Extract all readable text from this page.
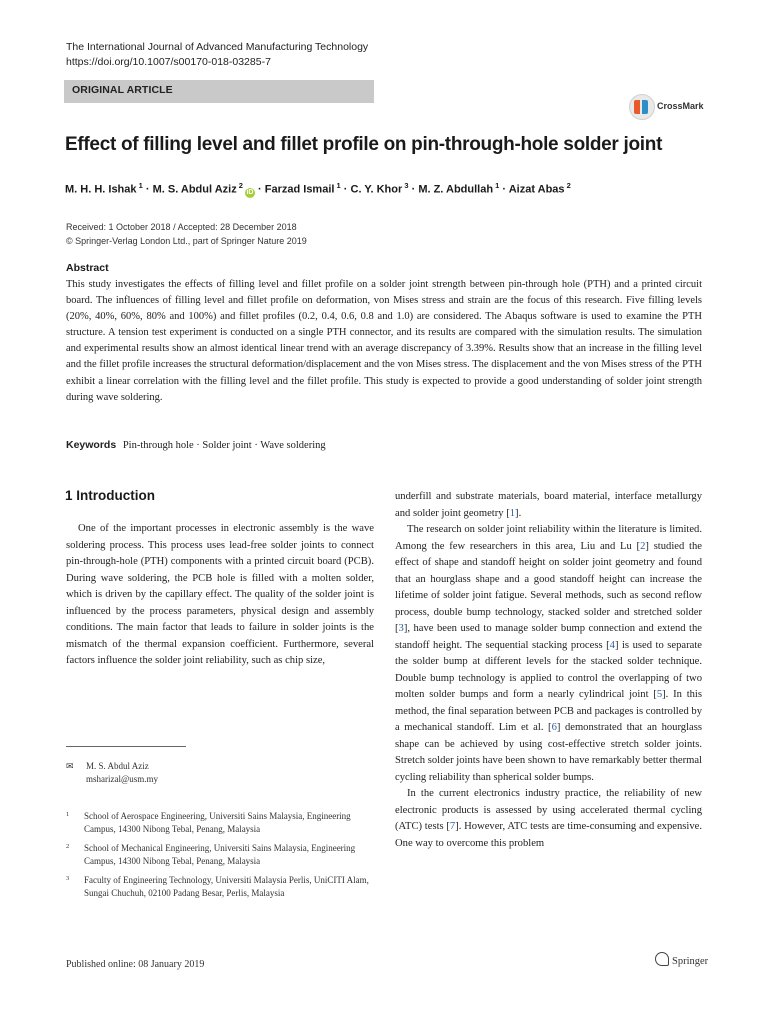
The International Journal of Advanced Manufacturing Technology
https://doi.org/10.1007/s00170-018-03285-7
ORIGINAL ARTICLE
CrossMark
Effect of filling level and fillet profile on pin-through-hole solder joint
M. H. H. Ishak $^1$ · M. S. Abdul Aziz $^2$iD · Farzad Ismail $^1$ · C. Y. Khor $^3$ · M. Z. Abdullah $^1$ · Aizat Abas $^2$
Received: 1 October 2018 / Accepted: 28 December 2018
© Springer-Verlag London Ltd., part of Springer Nature 2019
Abstract
This study investigates the effects of filling level and fillet profile on a solder joint strength between pin-through hole (PTH) and a printed circuit board. The influences of filling level and fillet profile on deformation, von Mises stress and strain are the focus of this research. Five filling levels (20%, 40%, 60%, 80% and 100%) and fillet profiles (0.2, 0.4, 0.6, 0.8 and 1.0) are considered. The Abaqus software is used to examine the PTH structure. A tension test experiment is conducted on a single PTH connector, and its results are compared with the simulation results. The simulation and experimental results show an almost identical linear trend with an average discrepancy of 3.39%. Results show that an increase in the filling level and the fillet profile increases the structural deformation/displacement and the von Mises stress. The displacement and the von Mises stress of the PTH exhibit a linear correlation with the filling level and the fillet profile. This study is expected to provide a good understanding of solder joint strength during wave soldering.
Keywords Pin-through hole · Solder joint · Wave soldering
1 Introduction

One of the important processes in electronic assembly is the wave soldering process. This process uses lead-free solder joints to connect pin-through-hole (PTH) components with a printed circuit board (PCB). During wave soldering, the PCB hole is filled with a molten solder, which is driven by the capillary effect. The quality of the solder joint is influenced by the process parameters, physical design and assembly conditions. The main factor that leads to failure in solder joints is the mismatch of the thermal expansion coefficient. Furthermore, several factors influence the solder joint reliability, such as chip size,

underfill and substrate materials, board material, interface metallurgy and solder joint geometry [1].

The research on solder joint reliability within the literature is limited. Among the few researchers in this area, Liu and Lu [2] studied the effect of shape and standoff height on solder joint geometry and found that an hourglass shape and a good standoff height can increase the lifetime of solder joint fatigue. Several methods, such as second reflow process, double bump technology, stacked solder and stretched solder [3], have been used to manage solder bump connection and extend the standoff height. The sequential stacking process [4] is used to separate the solder bump at different levels for the stacked solder technique. Double bump technology is applied to control the overlapping of two molten solder bumps and form a nearly cylindrical joint [5]. In this method, the final separation between PCB and packages is controlled by a mechanical standoff. Lim et al. [6] demonstrated that an hourglass shape can be achieved by using cost-effective stretch solder joints. Stretch solder joints have been shown to have remarkably better thermal cycling reliability than spherical solder bumps.

In the current electronics industry practice, the reliability of new electronic products is assessed by using accelerated thermal cycling (ATC) tests [7]. However, ATC tests are time-consuming and expensive. One way to overcome this problem

✉ M. S. Abdul Aziz
msharizal@usm.my
1 School of Aerospace Engineering, Universiti Sains Malaysia, Engineering Campus, 14300 Nibong Tebal, Penang, Malaysia
2 School of Mechanical Engineering, Universiti Sains Malaysia, Engineering Campus, 14300 Nibong Tebal, Penang, Malaysia
3 Faculty of Engineering Technology, Universiti Malaysia Perlis, UniCITI Alam, Sungai Chuchuh, 02100 Padang Besar, Perlis, Malaysia
Published online: 08 January 2019	Springer
